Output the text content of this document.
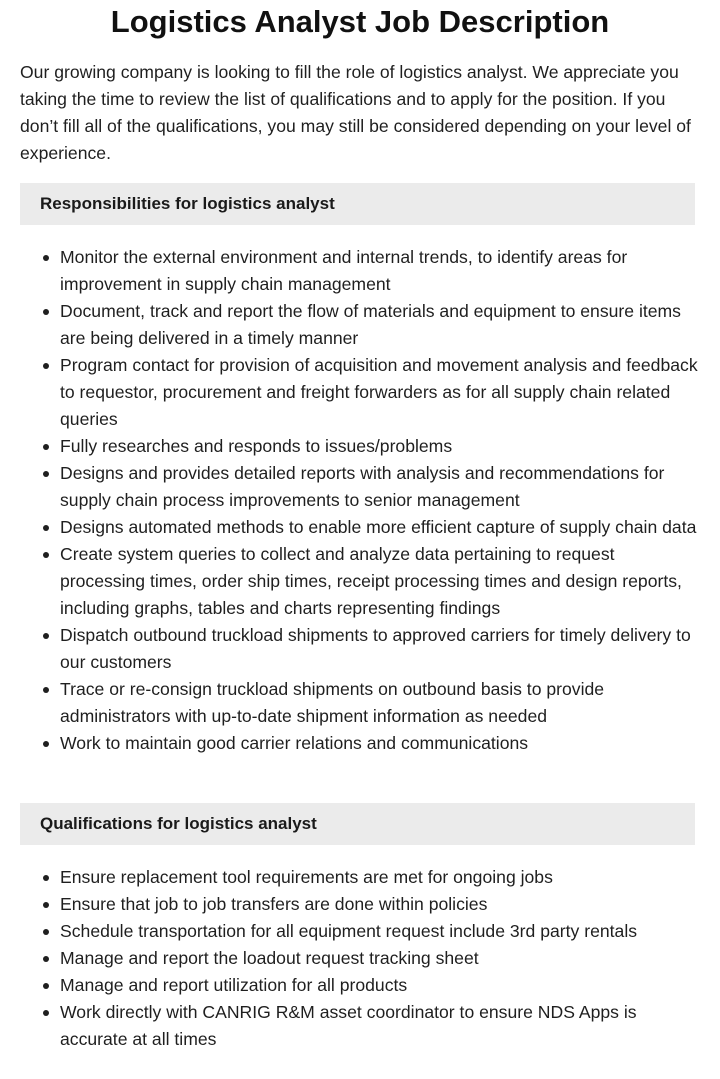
Logistics Analyst Job Description

Our growing company is looking to fill the role of logistics analyst. We appreciate you taking the time to review the list of qualifications and to apply for the position. If you don’t fill all of the qualifications, you may still be considered depending on your level of experience.

Responsibilities for logistics analyst
Monitor the external environment and internal trends, to identify areas for improvement in supply chain management
Document, track and report the flow of materials and equipment to ensure items are being delivered in a timely manner
Program contact for provision of acquisition and movement analysis and feedback to requestor, procurement and freight forwarders as for all supply chain related queries
Fully researches and responds to issues/problems
Designs and provides detailed reports with analysis and recommendations for supply chain process improvements to senior management
Designs automated methods to enable more efficient capture of supply chain data
Create system queries to collect and analyze data pertaining to request processing times, order ship times, receipt processing times and design reports, including graphs, tables and charts representing findings
Dispatch outbound truckload shipments to approved carriers for timely delivery to our customers
Trace or re-consign truckload shipments on outbound basis to provide administrators with up-to-date shipment information as needed
Work to maintain good carrier relations and communications
Qualifications for logistics analyst
Ensure replacement tool requirements are met for ongoing jobs
Ensure that job to job transfers are done within policies
Schedule transportation for all equipment request include 3rd party rentals
Manage and report the loadout request tracking sheet
Manage and report utilization for all products
Work directly with CANRIG R&M asset coordinator to ensure NDS Apps is accurate at all times
